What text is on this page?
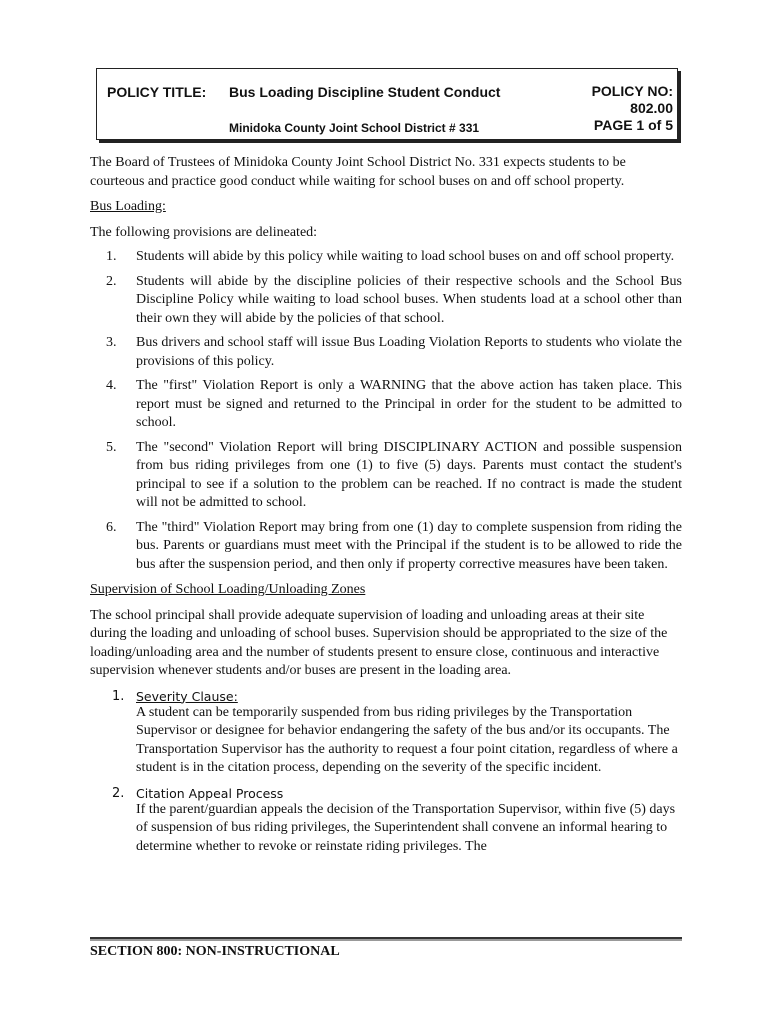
POLICY TITLE: Bus Loading Discipline Student Conduct
Minidoka County Joint School District # 331
POLICY NO:
802.00
PAGE 1 of 5

The Board of Trustees of Minidoka County Joint School District No. 331 expects students to be courteous and practice good conduct while waiting for school buses on and off school property.

Bus Loading:

The following provisions are delineated:

1. Students will abide by this policy while waiting to load school buses on and off school property.
2. Students will abide by the discipline policies of their respective schools and the School Bus Discipline Policy while waiting to load school buses. When students load at a school other than their own they will abide by the policies of that school.
3. Bus drivers and school staff will issue Bus Loading Violation Reports to students who violate the provisions of this policy.
4. The "first" Violation Report is only a WARNING that the above action has taken place. This report must be signed and returned to the Principal in order for the student to be admitted to school.
5. The "second" Violation Report will bring DISCIPLINARY ACTION and possible suspension from bus riding privileges from one (1) to five (5) days. Parents must contact the student's principal to see if a solution to the problem can be reached. If no contract is made the student will not be admitted to school.
6. The "third" Violation Report may bring from one (1) day to complete suspension from riding the bus. Parents or guardians must meet with the Principal if the student is to be allowed to ride the bus after the suspension period, and then only if property corrective measures have been taken.

Supervision of School Loading/Unloading Zones

The school principal shall provide adequate supervision of loading and unloading areas at their site during the loading and unloading of school buses. Supervision should be appropriated to the size of the loading/unloading area and the number of students present to ensure close, continuous and interactive supervision whenever students and/or buses are present in the loading area.

1. Severity Clause:
A student can be temporarily suspended from bus riding privileges by the Transportation Supervisor or designee for behavior endangering the safety of the bus and/or its occupants. The Transportation Supervisor has the authority to request a four point citation, regardless of where a student is in the citation process, depending on the severity of the specific incident.
2. Citation Appeal Process
If the parent/guardian appeals the decision of the Transportation Supervisor, within five (5) days of suspension of bus riding privileges, the Superintendent shall convene an informal hearing to determine whether to revoke or reinstate riding privileges. The
SECTION 800: NON-INSTRUCTIONAL
